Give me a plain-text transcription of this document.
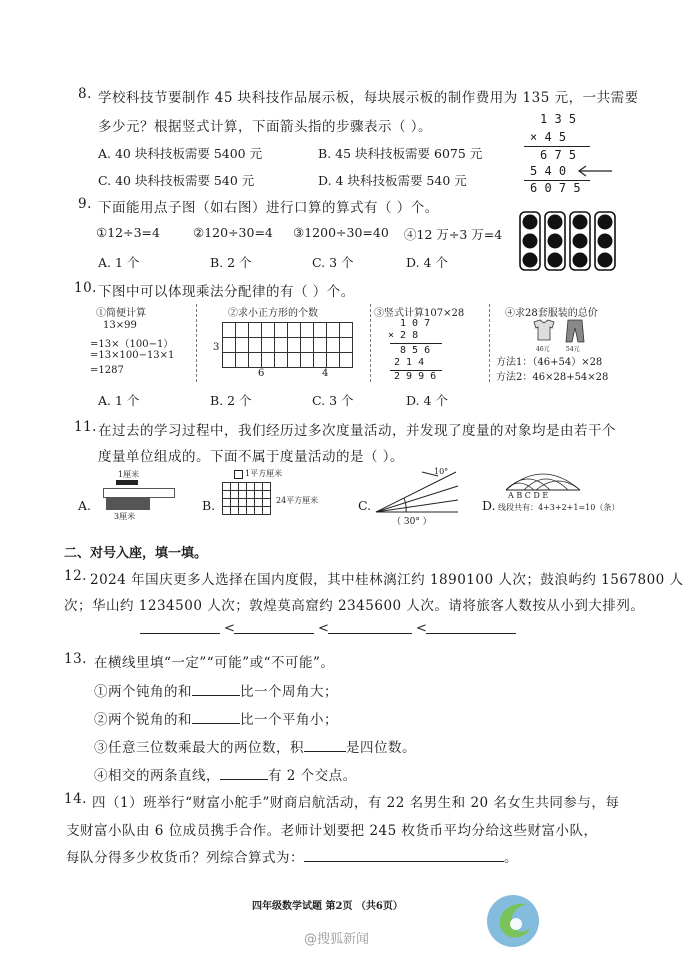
8. 学校科技节要制作 45 块科技作品展示板，每块展示板的制作费用为 135 元，一共需要
多少元？根据竖式计算，下面箭头指的步骤表示（ ）。
A. 40 块科技板需要 5400 元	B. 45 块科技板需要 6075 元
C. 40 块科技板需要 540 元	D. 4 块科技板需要 540 元
1 3 5
× 4 5
6 7 5
5 4 0
6 0 7 5
9. 下面能用点子图（如右图）进行口算的算式有（ ）个。
①12÷3=4	②120÷30=4 ③1200÷30=40 ④12 万÷3 万=4
A. 1 个	B. 2 个	C. 3 个	D. 4 个
10. 下图中可以体现乘法分配律的有（ ）个。
①简便计算
13×99
=13×（100−1）
=13×100−13×1
=1287
②求小正方形的个数
3
6	4
③竖式计算107×28
1 0 7
× 2 8
8 5 6
2 1 4
2 9 9 6
④求28套服装的总价
46元	54元
方法1：（46+54）×28
方法2：46×28+54×28
A. 1 个	B. 2 个	C. 3 个	D. 4 个
11. 在过去的学习过程中，我们经历过多次度量活动，并发现了度量的对象均是由若干个
度量单位组成的。下面不属于度量活动的是（ ）。
A.
1厘米
3厘米
B.
1平方厘米
24平方厘米	C.
10°
（ 30° ）
D.
A B C D E
线段共有：4+3+2+1=10（条）
二、对号入座，填一填。
12. 2024 年国庆更多人选择在国内度假，其中桂林漓江约 1890100 人次；鼓浪屿约 1567800 人
次；华山约 1234500 人次；敦煌莫高窟约 2345600 人次。请将旅客人数按从小到大排列。
<	<	<
13. 在横线里填“一定”“可能”或“不可能”。
①两个钝角的和	比一个周角大；
②两个锐角的和	比一个平角小；
③任意三位数乘最大的两位数，积	是四位数。
④相交的两条直线，	有 2 个交点。
14. 四（1）班举行“财富小舵手”财商启航活动，有 22 名男生和 20 名女生共同参与，每
支财富小队由 6 位成员携手合作。老师计划要把 245 枚货币平均分给这些财富小队，
每队分得多少枚货币？列综合算式为：	。
四年级数学试题 第2页 （共6页）
@搜狐新闻
